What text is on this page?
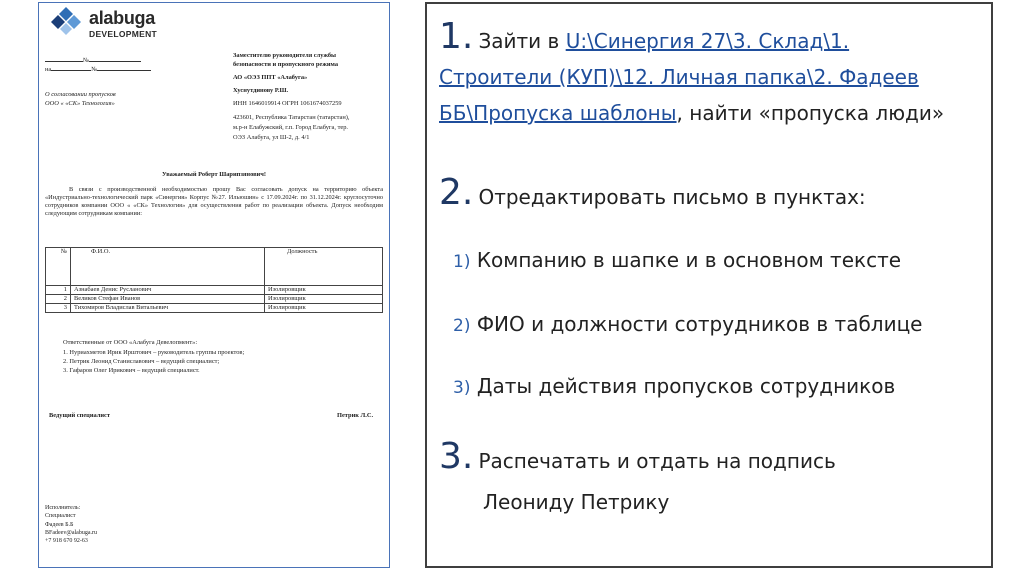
alabuga
DEVELOPMENT
№
на	№
О согласовании пропусков
ООО « «СК» Технология»
Заместителю руководителя службы
безопасности и пропускного режима
АО «ОЭЗ ППТ «Алабуга»
Хуснутдинову Р.Ш.
ИНН 1646019914 ОГРН 1061674037259
423601, Республика Татарстан (татарстан),
м.р-н Елабужский, г.п. Город Елабуга, тер.
ОЭЗ Алабуга, ул Ш-2, д. 4/1
Уважаемый Роберт Шарипзянович!
В связи с производственной необходимостью прошу Вас согласовать допуск на территорию объекта «Индустриально-технологический парк «Синергия» Корпус №27. Ильюшин» с 17.09.2024г. по 31.12.2024г. круглосуточно сотрудников компании ООО « «СК» Технология» для осуществления работ по реализации объекта. Допуск необходим следующим сотрудникам компании:
№	Ф.И.О.	Должность
1	Азнабаев Денис Русланович	Изолировщик
2	Великов Стефан Иванов	Изолировщик
3	Тихомиров Владислав Витальевич	Изолировщик
Ответственные от ООО «Алабуга Девелопмент»:
1. Нуриахметов Ирик Ирштович – руководитель группы проектов;
2. Петрик Леонид Станиславович – ведущий специалист;
3. Гафаров Олег Ирикович – ведущий специалист.
Ведущий специалист	Петрик Л.С.
Исполнитель:
Специалист
Фадеев Б.Б
BFadeev@alabuga.ru
+7 918 670 92-63
1. Зайти в U:\Синергия 27\3. Склад\1.
Строители (КУП)\12. Личная папка\2. Фадеев
ББ\Пропуска шаблоны, найти «пропуска люди»
2. Отредактировать письмо в пунктах:
1) Компанию в шапке и в основном тексте
2) ФИО и должности сотрудников в таблице
3) Даты действия пропусков сотрудников
3. Распечатать и отдать на подпись
Леониду Петрику
